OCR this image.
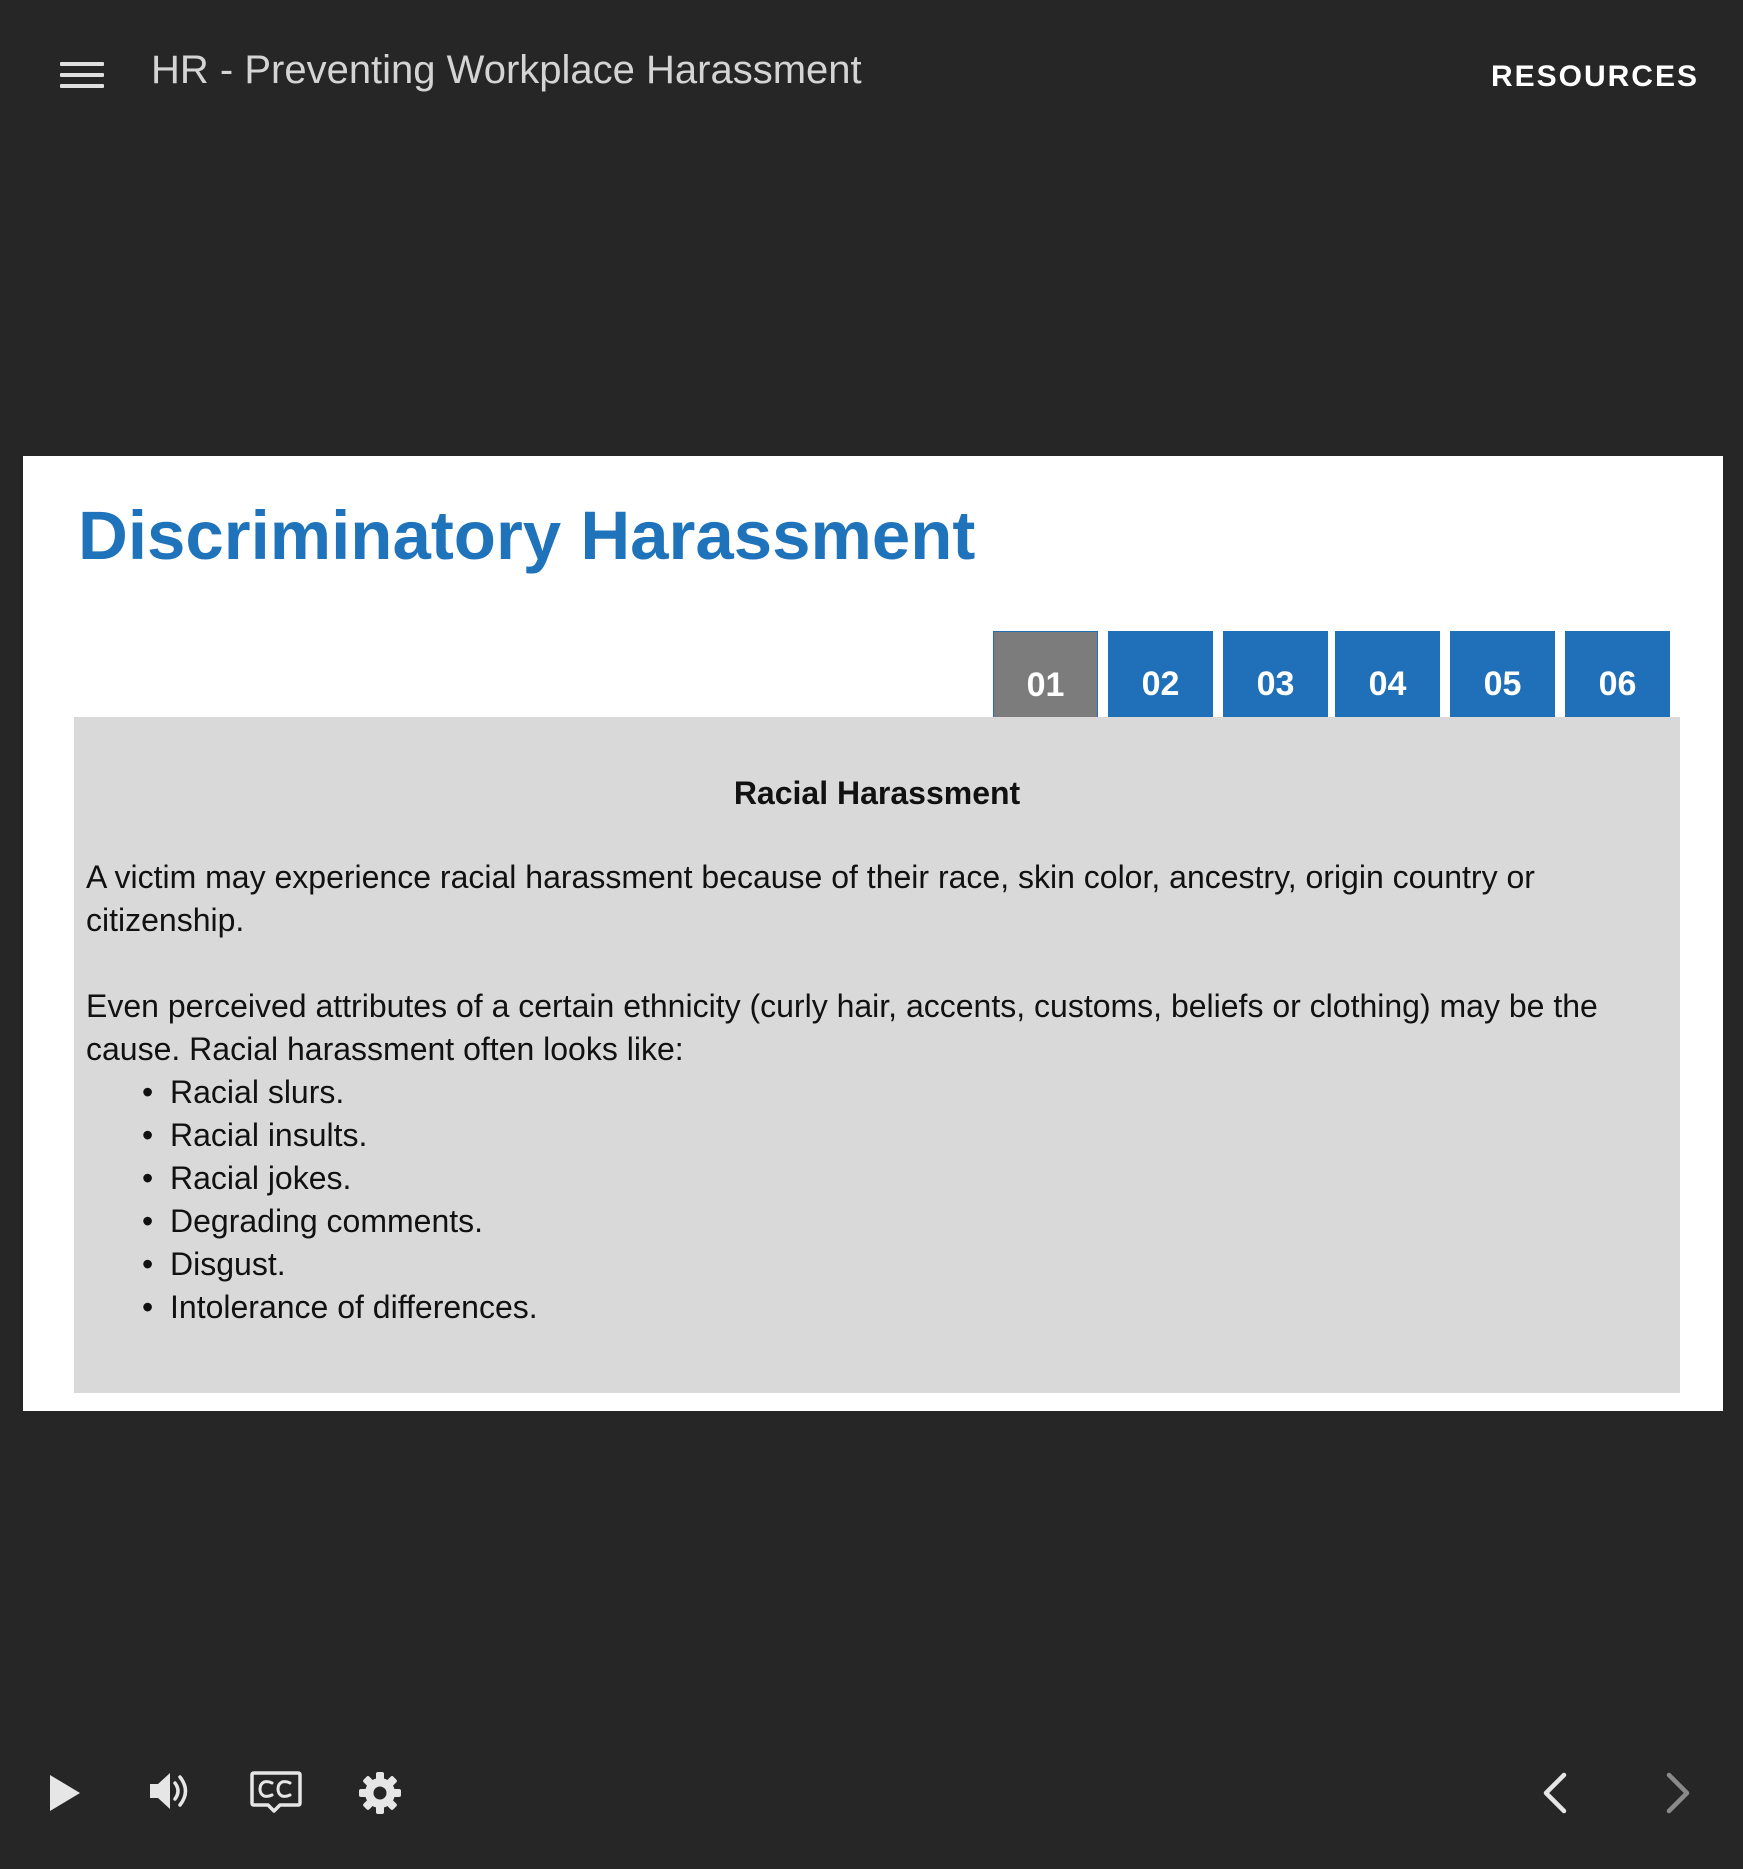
HR - Preventing Workplace Harassment	RESOURCES
Discriminatory Harassment
01	02	03	04	05	06
Racial Harassment

A victim may experience racial harassment because of their race, skin color, ancestry, origin country or citizenship.

Even perceived attributes of a certain ethnicity (curly hair, accents, customs, beliefs or clothing) may be the cause. Racial harassment often looks like:

• Racial slurs.
• Racial insults.
• Racial jokes.
• Degrading comments.
• Disgust.
• Intolerance of differences.
